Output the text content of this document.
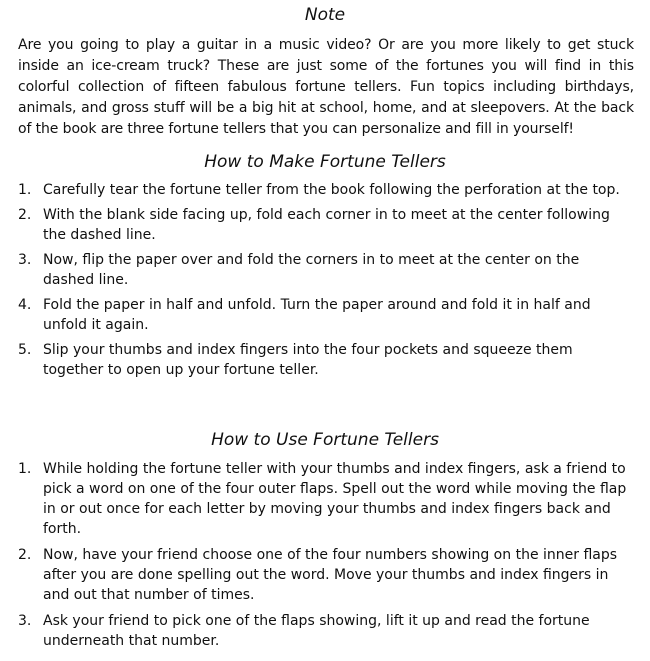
Note

Are you going to play a guitar in a music video? Or are you more likely to get stuck inside an ice-cream truck? These are just some of the fortunes you will find in this colorful collection of fifteen fabulous fortune tellers. Fun topics including birthdays, animals, and gross stuff will be a big hit at school, home, and at sleepovers. At the back of the book are three fortune tellers that you can personalize and fill in yourself!

How to Make Fortune Tellers
1. Carefully tear the fortune teller from the book following the perforation at the top.
2. With the blank side facing up, fold each corner in to meet at the center following the dashed line.
3. Now, flip the paper over and fold the corners in to meet at the center on the dashed line.
4. Fold the paper in half and unfold. Turn the paper around and fold it in half and unfold it again.
5. Slip your thumbs and index fingers into the four pockets and squeeze them together to open up your fortune teller.
How to Use Fortune Tellers
1. While holding the fortune teller with your thumbs and index fingers, ask a friend to pick a word on one of the four outer flaps. Spell out the word while moving the flap in or out once for each letter by moving your thumbs and index fingers back and forth.
2. Now, have your friend choose one of the four numbers showing on the inner flaps after you are done spelling out the word. Move your thumbs and index fingers in and out that number of times.
3. Ask your friend to pick one of the flaps showing, lift it up and read the fortune underneath that number.
